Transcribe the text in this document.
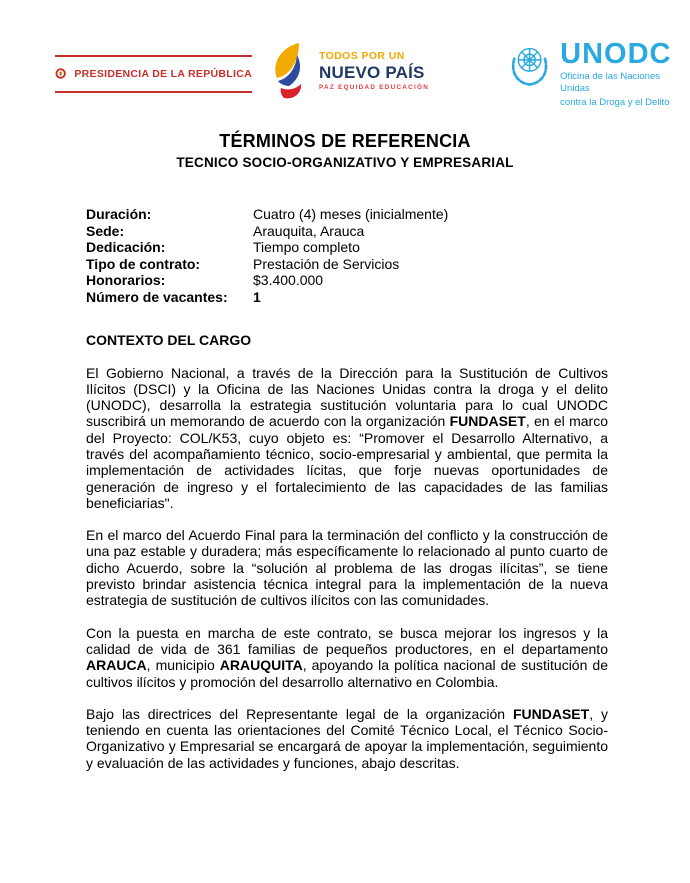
PRESIDENCIA DE LA REPÚBLICA
TODOS POR UN
NUEVO PAÍS
PAZ EQUIDAD EDUCACIÓN
UNODC
Oficina de las Naciones Unidas
contra la Droga y el Delito
TÉRMINOS DE REFERENCIA
TECNICO SOCIO-ORGANIZATIVO Y EMPRESARIAL
Duración:	Cuatro (4) meses (inicialmente)
Sede:	Arauquita, Arauca
Dedicación:	Tiempo completo
Tipo de contrato:	Prestación de Servicios
Honorarios:	$3.400.000
Número de vacantes:	1
CONTEXTO DEL CARGO

El Gobierno Nacional, a través de la Dirección para la Sustitución de Cultivos Ilícitos (DSCI) y la Oficina de las Naciones Unidas contra la droga y el delito (UNODC), desarrolla la estrategia sustitución voluntaria para lo cual UNODC suscribirá un memorando de acuerdo con la organización FUNDASET, en el marco del Proyecto: COL/K53, cuyo objeto es: “Promover el Desarrollo Alternativo, a través del acompañamiento técnico, socio-empresarial y ambiental, que permita la implementación de actividades lícitas, que forje nuevas oportunidades de generación de ingreso y el fortalecimiento de las capacidades de las familias beneficiarias".

En el marco del Acuerdo Final para la terminación del conflicto y la construcción de una paz estable y duradera; más específicamente lo relacionado al punto cuarto de dicho Acuerdo, sobre la “solución al problema de las drogas ilícitas”, se tiene previsto brindar asistencia técnica integral para la implementación de la nueva estrategia de sustitución de cultivos ilícitos con las comunidades.

Con la puesta en marcha de este contrato, se busca mejorar los ingresos y la calidad de vida de 361 familias de pequeños productores, en el departamento ARAUCA, municipio ARAUQUITA, apoyando la política nacional de sustitución de cultivos ilícitos y promoción del desarrollo alternativo en Colombia.

Bajo las directrices del Representante legal de la organización FUNDASET, y teniendo en cuenta las orientaciones del Comité Técnico Local, el Técnico Socio-Organizativo y Empresarial se encargará de apoyar la implementación, seguimiento y evaluación de las actividades y funciones, abajo descritas.
